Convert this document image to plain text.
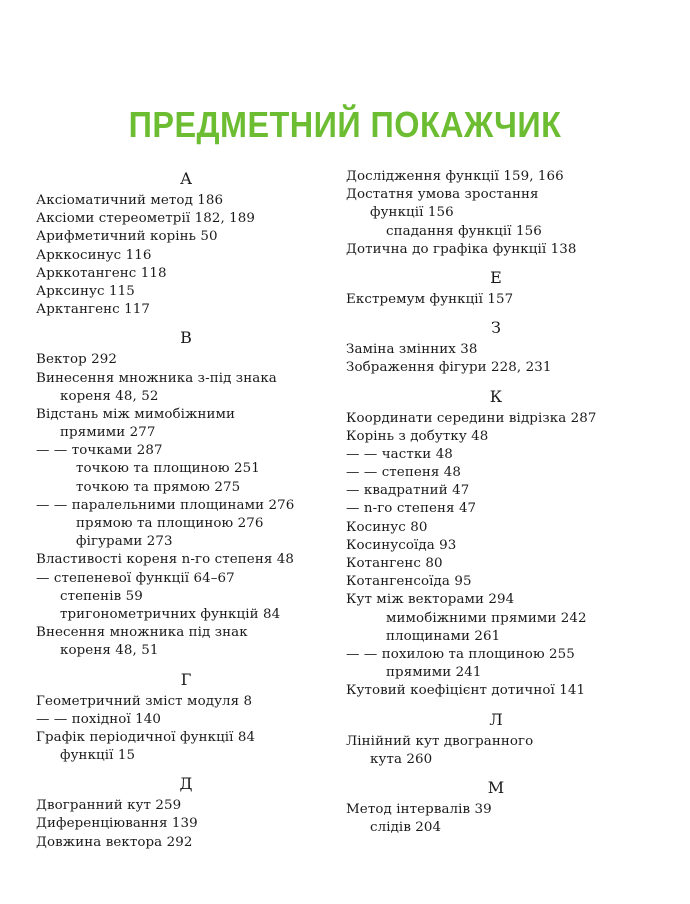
ПРЕДМЕТНИЙ ПОКАЖЧИК
А
Аксіоматичний метод 186
Аксіоми стереометрії 182, 189
Арифметичний корінь 50
Арккосинус 116
Арккотангенс 118
Арксинус 115
Арктангенс 117
В
Вектор 292
Винесення множника з-під знака
кореня 48, 52
Відстань між мимобіжними
прямими 277
— — точками 287
точкою та площиною 251
точкою та прямою 275
— — паралельними площинами 276
прямою та площиною 276
фігурами 273
Властивості кореня n-го степеня 48
— степеневої функції 64–67
степенів 59
тригонометричних функцій 84
Внесення множника під знак
кореня 48, 51
Г
Геометричний зміст модуля 8
— — похідної 140
Графік періодичної функції 84
функції 15
Д
Двогранний кут 259
Диференціювання 139
Довжина вектора 292
Дослідження функції 159, 166
Достатня умова зростання
функції 156
спадання функції 156
Дотична до графіка функції 138
Е
Екстремум функції 157
З
Заміна змінних 38
Зображення фігури 228, 231
К
Координати середини відрізка 287
Корінь з добутку 48
— — частки 48
— — степеня 48
— квадратний 47
— n-го степеня 47
Косинус 80
Косинусоїда 93
Котангенс 80
Котангенсоїда 95
Кут між векторами 294
мимобіжними прямими 242
площинами 261
— — похилою та площиною 255
прямими 241
Кутовий коефіцієнт дотичної 141
Л
Лінійний кут двогранного
кута 260
М
Метод інтервалів 39
слідів 204
